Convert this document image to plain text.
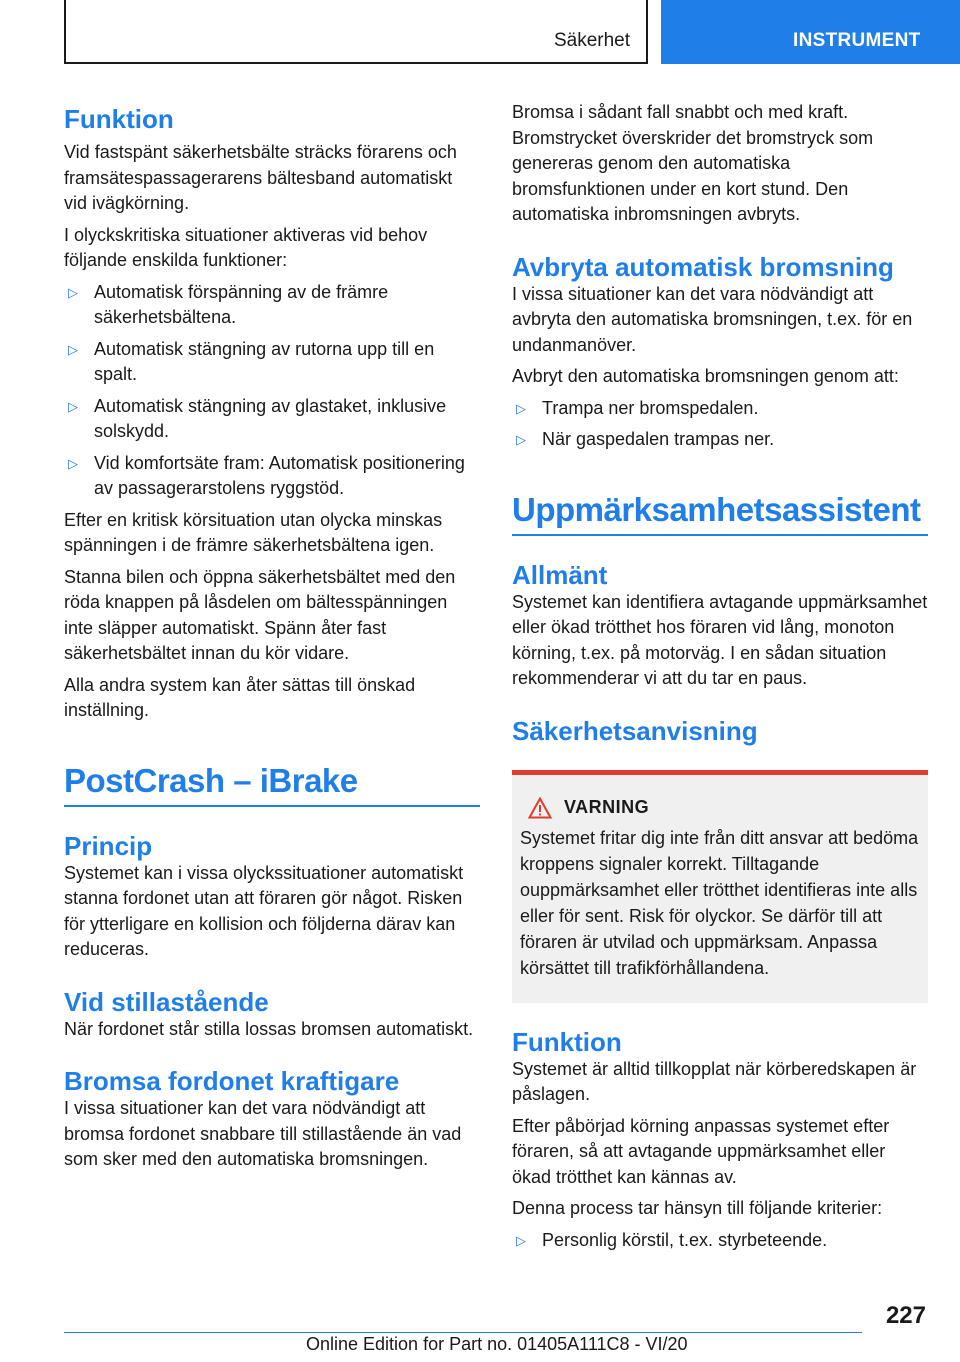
Säkerhet	INSTRUMENT
Funktion

Vid fastspänt säkerhetsbälte sträcks förarens och framsätespassagerarens bältesband automatiskt vid ivägkörning.

I olyckskritiska situationer aktiveras vid behov följande enskilda funktioner:

▷ Automatisk förspänning av de främre säkerhetsbältena.
▷ Automatisk stängning av rutorna upp till en spalt.
▷ Automatisk stängning av glastaket, inklusive solskydd.
▷ Vid komfortsäte fram: Automatisk positionering av passagerarstolens ryggstöd.

Efter en kritisk körsituation utan olycka minskas spänningen i de främre säkerhetsbältena igen.

Stanna bilen och öppna säkerhetsbältet med den röda knappen på låsdelen om bältesspänningen inte släpper automatiskt. Spänn åter fast säkerhetsbältet innan du kör vidare.

Alla andra system kan åter sättas till önskad inställning.

PostCrash – iBrake
Princip

Systemet kan i vissa olyckssituationer automatiskt stanna fordonet utan att föraren gör något. Risken för ytterligare en kollision och följderna därav kan reduceras.

Vid stillastående

När fordonet står stilla lossas bromsen automatiskt.

Bromsa fordonet kraftigare

I vissa situationer kan det vara nödvändigt att bromsa fordonet snabbare till stillastående än vad som sker med den automatiska bromsningen.

Bromsa i sådant fall snabbt och med kraft. Bromstrycket överskrider det bromstryck som genereras genom den automatiska bromsfunktionen under en kort stund. Den automatiska inbromsningen avbryts.

Avbryta automatisk bromsning

I vissa situationer kan det vara nödvändigt att avbryta den automatiska bromsningen, t.ex. för en undanmanöver.

Avbryt den automatiska bromsningen genom att:

▷ Trampa ner bromspedalen.
▷ När gaspedalen trampas ner.
Uppmärksamhetsassistent
Allmänt

Systemet kan identifiera avtagande uppmärksamhet eller ökad trötthet hos föraren vid lång, monoton körning, t.ex. på motorväg. I en sådan situation rekommenderar vi att du tar en paus.

Säkerhetsanvisning
VARNING

Systemet fritar dig inte från ditt ansvar att bedöma kroppens signaler korrekt. Tilltagande ouppmärksamhet eller trötthet identifieras inte alls eller för sent. Risk för olyckor. Se därför till att föraren är utvilad och uppmärksam. Anpassa körsättet till trafikförhållandena.

Funktion

Systemet är alltid tillkopplat när körberedskapen är påslagen.

Efter påbörjad körning anpassas systemet efter föraren, så att avtagande uppmärksamhet eller ökad trötthet kan kännas av.

Denna process tar hänsyn till följande kriterier:

▷ Personlig körstil, t.ex. styrbeteende.
227
Online Edition for Part no. 01405A111C8 - VI/20
